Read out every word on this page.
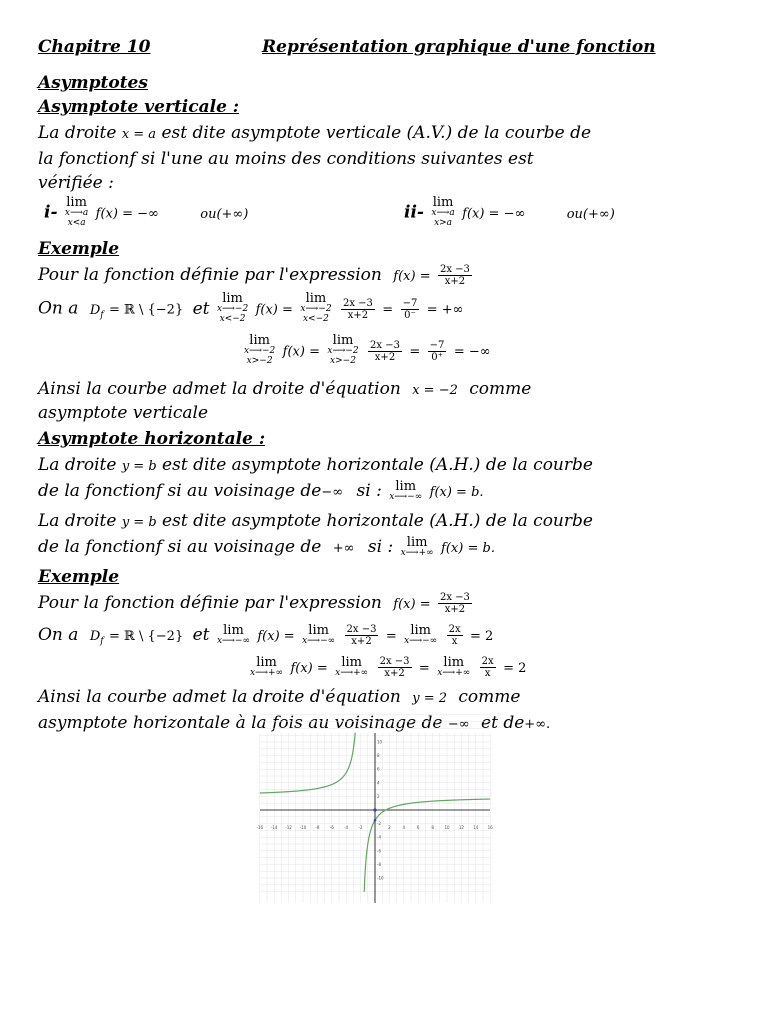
Chapitre 10	Représentation graphique d'une fonction
Asymptotes
Asymptote verticale :
La droite x = a est dite asymptote verticale (A.V.) de la courbe de
la fonctionf si l'une au moins des conditions suivantes est
vérifiée :
i- lim
x⟶a
x<a
f(x) = −∞	ou(+∞)	ii- lim
x⟶a
x>a
f(x) = −∞	ou(+∞)
Exemple
Pour la fonction définie par l'expression $f(x) = \frac{2x -3}{x+2}$
On a $D_f$ = ℝ \ {−2} et lim
x⟶−2
x<−2
f(x) =
lim
x⟶−2
x<−2
$\frac{2x -3}{x+2} = \frac{-7}{0^-}$ = +∞
lim
x⟶−2
x>−2
f(x) =
lim
x⟶−2
x>−2
$\frac{2x -3}{x+2} = \frac{-7}{0^+}$ = −∞
Ainsi la courbe admet la droite d'équation x = −2 comme
asymptote verticale
Asymptote horizontale :
La droite y = b est dite asymptote horizontale (A.H.) de la courbe
de la fonctionf si au voisinage de−∞ si :	lim
x⟶−∞ f(x) = b.
La droite y = b est dite asymptote horizontale (A.H.) de la courbe
de la fonctionf si au voisinage de +∞ si :	lim
x⟶+∞ f(x) = b.
Exemple
Pour la fonction définie par l'expression $f(x) = \frac{2x -3}{x+2}$
On a $D_f$ = ℝ \ {−2} et	lim
x⟶−∞ f(x) =	lim
x⟶−∞
$\frac{2x -3}{x+2}$ =	lim
x⟶−∞
$\frac{2x}{x} = 2$
lim
x⟶+∞ f(x) =	lim
x⟶+∞
$\frac{2x -3}{x+2}$ =	lim
x⟶+∞
$\frac{2x}{x} = 2$
Ainsi la courbe admet la droite d'équation y = 2 comme
asymptote horizontale à la fois au voisinage de −∞ et de+∞.
-16 -14 -12 -10 -8	-6	-4	-2	2	4	6	8	10 12 14 16
10
8
6
4
2
-2
-4
-6
-8
-10
